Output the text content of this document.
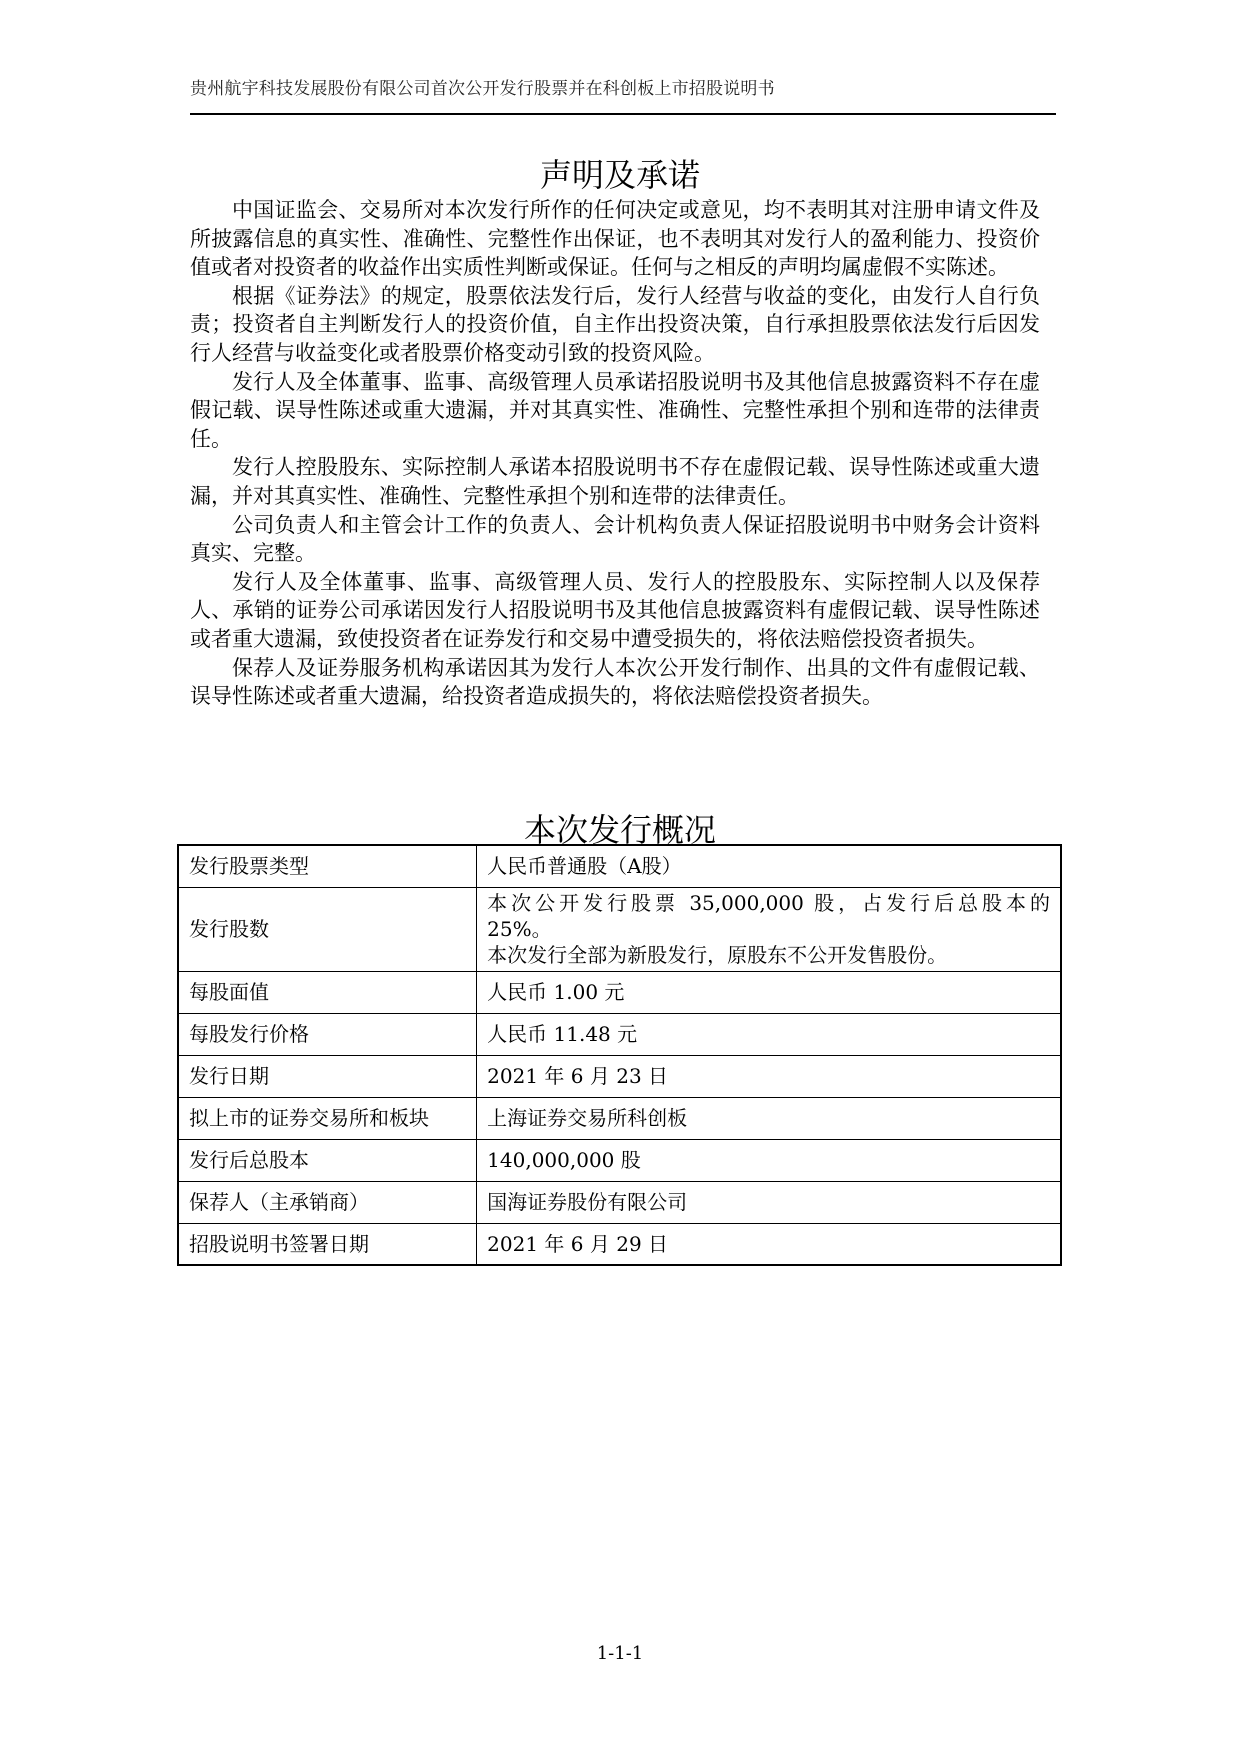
贵州航宇科技发展股份有限公司首次公开发行股票并在科创板上市招股说明书
声明及承诺

中国证监会、交易所对本次发行所作的任何决定或意见，均不表明其对注册申请文件及所披露信息的真实性、准确性、完整性作出保证，也不表明其对发行人的盈利能力、投资价值或者对投资者的收益作出实质性判断或保证。任何与之相反的声明均属虚假不实陈述。

根据《证券法》的规定，股票依法发行后，发行人经营与收益的变化，由发行人自行负责；投资者自主判断发行人的投资价值，自主作出投资决策，自行承担股票依法发行后因发行人经营与收益变化或者股票价格变动引致的投资风险。

发行人及全体董事、监事、高级管理人员承诺招股说明书及其他信息披露资料不存在虚假记载、误导性陈述或重大遗漏，并对其真实性、准确性、完整性承担个别和连带的法律责任。

发行人控股股东、实际控制人承诺本招股说明书不存在虚假记载、误导性陈述或重大遗漏，并对其真实性、准确性、完整性承担个别和连带的法律责任。

公司负责人和主管会计工作的负责人、会计机构负责人保证招股说明书中财务会计资料真实、完整。

发行人及全体董事、监事、高级管理人员、发行人的控股股东、实际控制人以及保荐人、承销的证券公司承诺因发行人招股说明书及其他信息披露资料有虚假记载、误导性陈述或者重大遗漏，致使投资者在证券发行和交易中遭受损失的，将依法赔偿投资者损失。

保荐人及证券服务机构承诺因其为发行人本次公开发行制作、出具的文件有虚假记载、误导性陈述或者重大遗漏，给投资者造成损失的，将依法赔偿投资者损失。

本次发行概况
发行股票类型	人民币普通股（A股）
发行股数	本次公开发行股票 35,000,000 股，占发行后总股本的
25%。
本次发行全部为新股发行，原股东不公开发售股份。

每股面值	人民币 1.00 元
每股发行价格	人民币 11.48 元
发行日期	2021 年 6 月 23 日
拟上市的证券交易所和板块	上海证券交易所科创板
发行后总股本	140,000,000 股
保荐人（主承销商）	国海证券股份有限公司
招股说明书签署日期	2021 年 6 月 29 日
1-1-1
